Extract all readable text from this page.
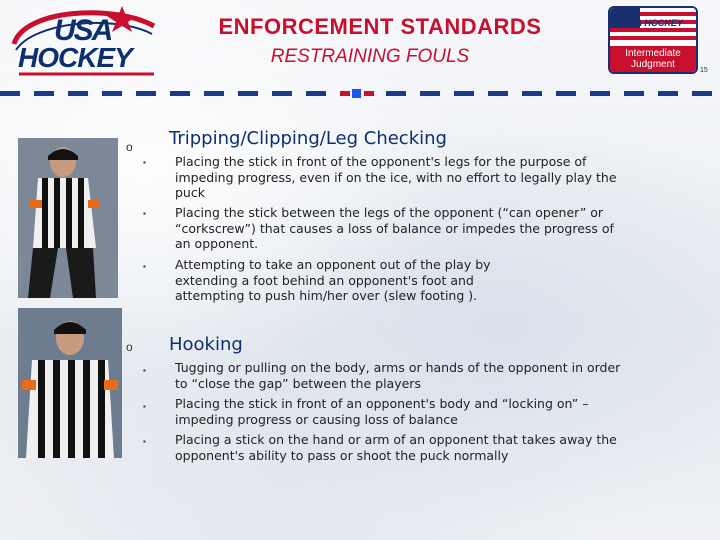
USA
HOCKEY
ENFORCEMENT STANDARDS
RESTRAINING FOULS
USA HOCKEY
Intermediate Judgment
15
o Tripping/Clipping/Leg Checking
▪ Placing the stick in front of the opponent's legs for the purpose of impeding progress, even if on the ice, with no effort to legally play the puck
▪ Placing the stick between the legs of the opponent (“can opener” or “corkscrew”) that causes a loss of balance or impedes the progress of an opponent.
▪ Attempting to take an opponent out of the play by extending a foot behind an opponent's foot and attempting to push him/her over (slew footing ).
o Hooking
▪ Tugging or pulling on the body, arms or hands of the opponent in order to “close the gap” between the players
▪ Placing the stick in front of an opponent's body and “locking on” – impeding progress or causing loss of balance
▪ Placing a stick on the hand or arm of an opponent that takes away the opponent's ability to pass or shoot the puck normally
